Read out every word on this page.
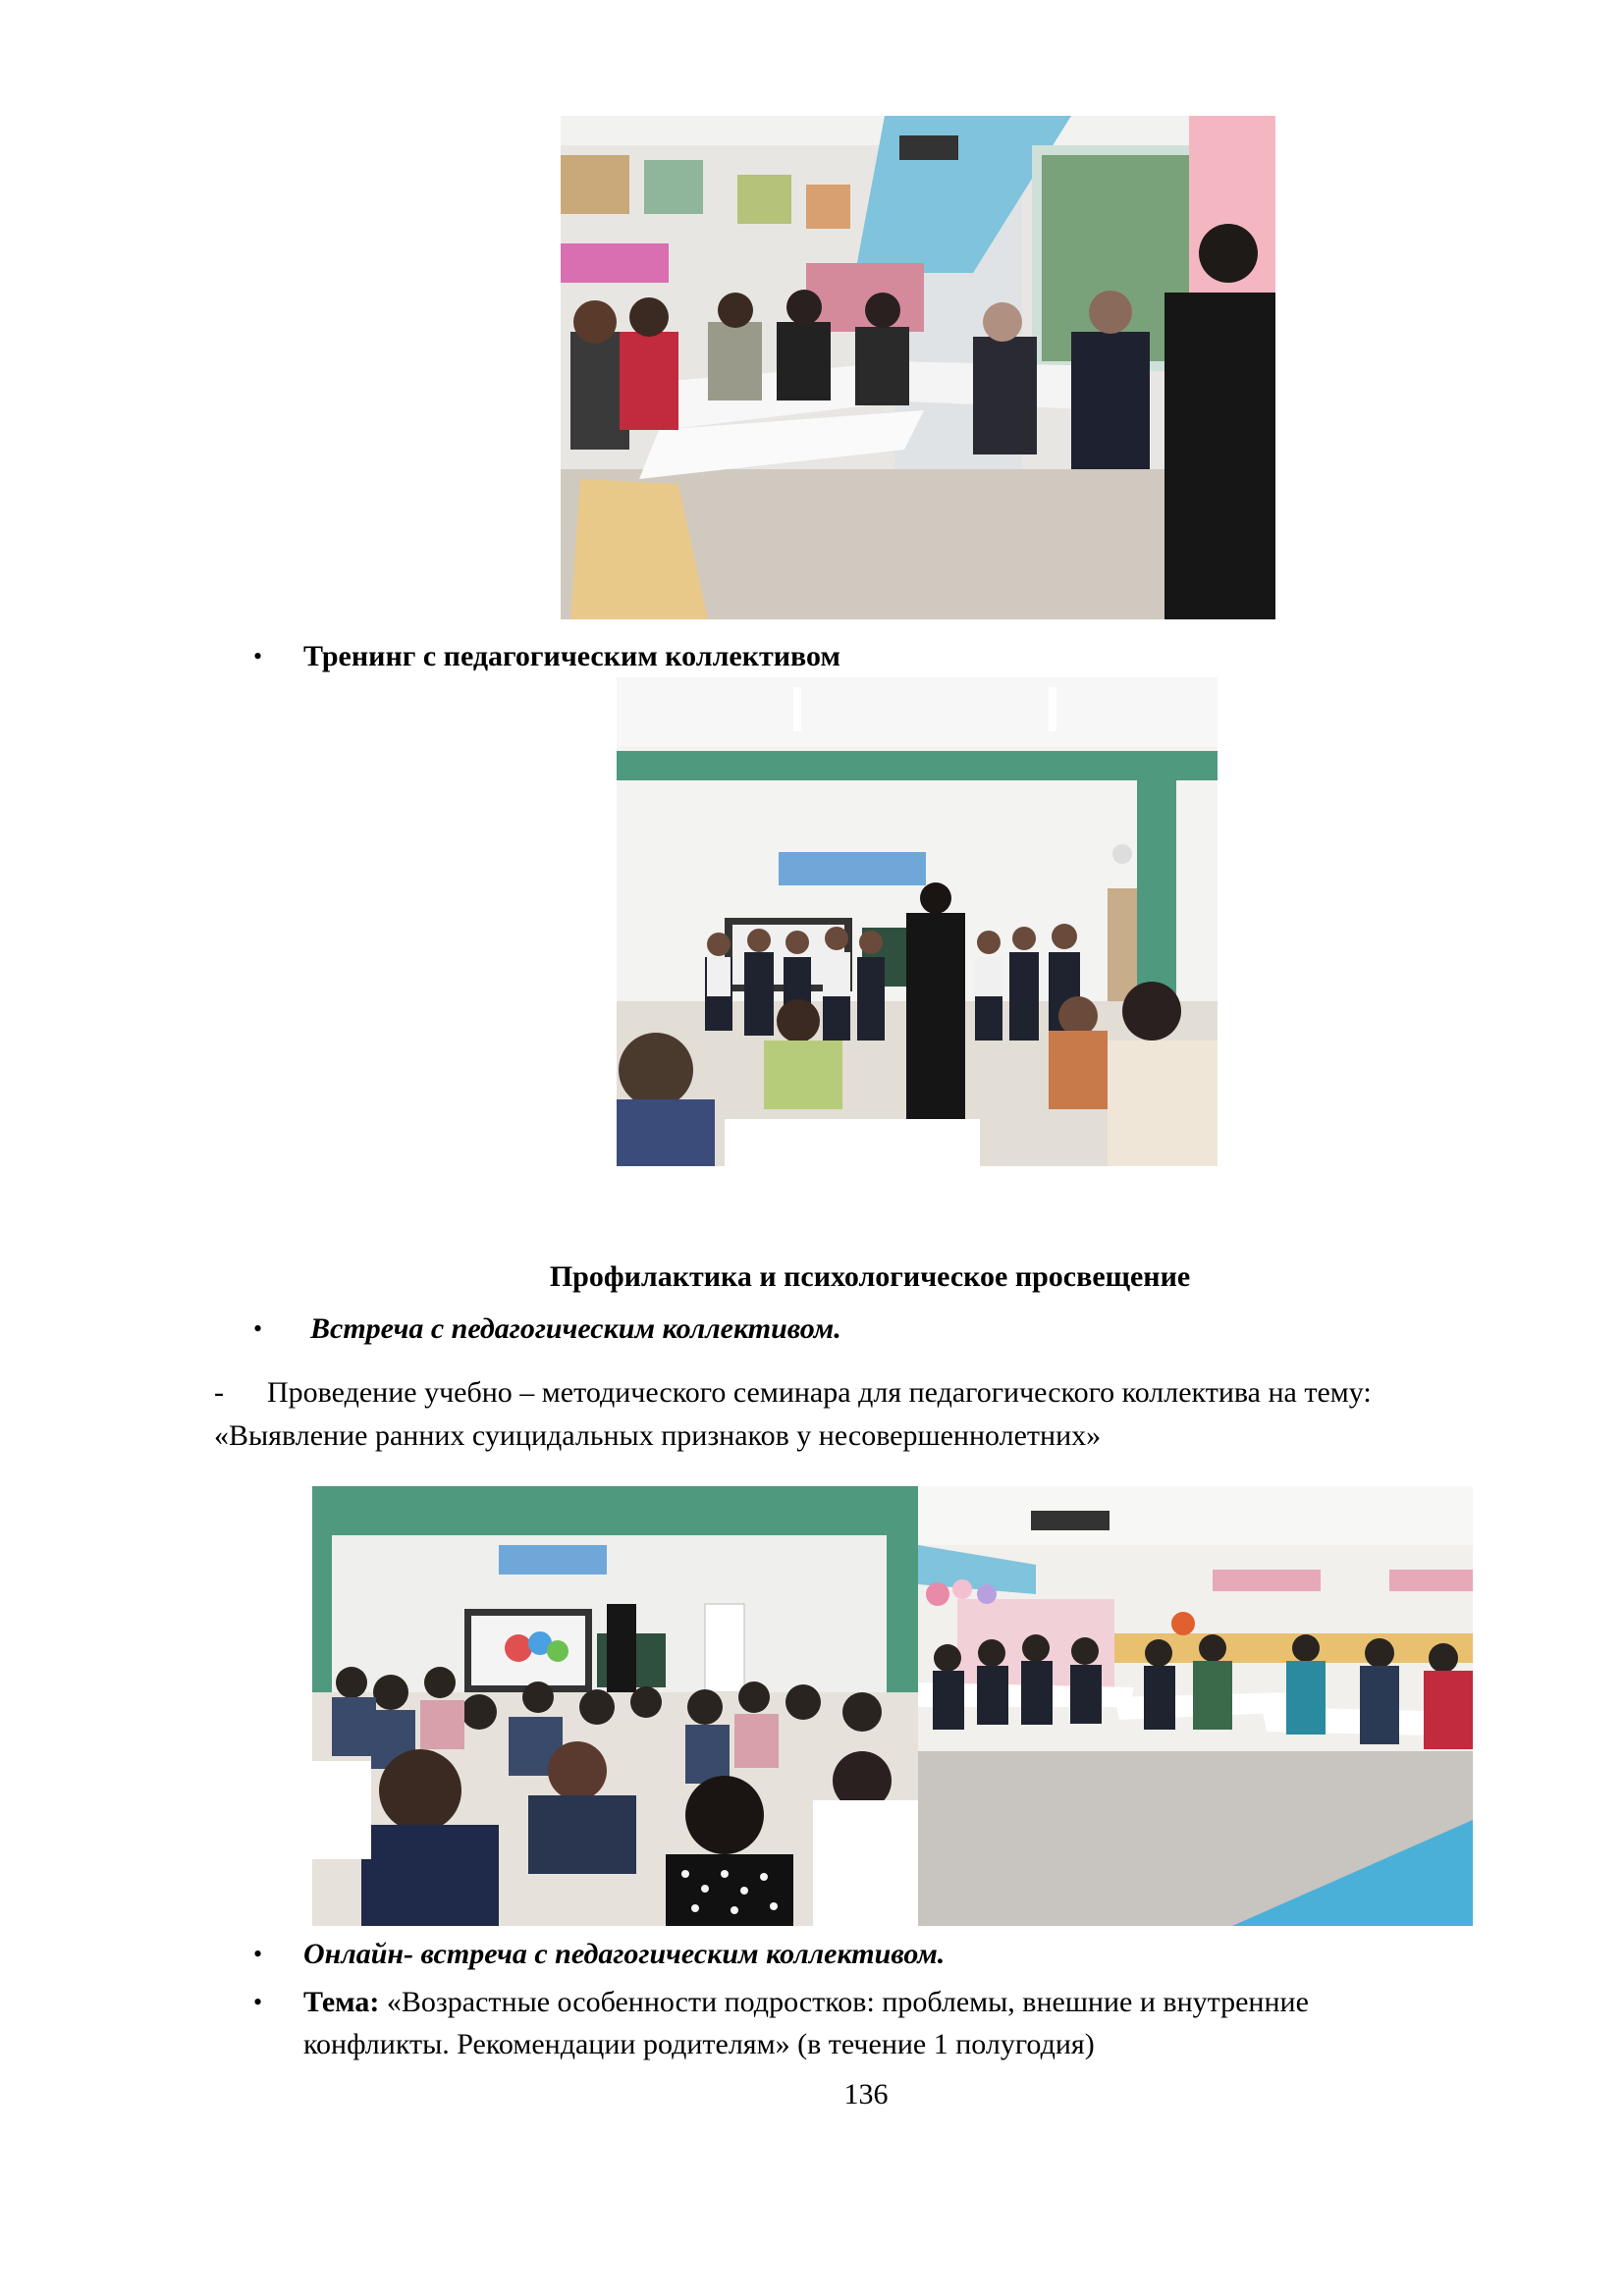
• Тренинг с педагогическим коллективом
Профилактика и психологическое просвещение
• Встреча с педагогическим коллективом.
- Проведение учебно – методического семинара для педагогического коллектива на тему:
«Выявление ранних суицидальных признаков у несовершеннолетних»
• Онлайн- встреча с педагогическим коллективом.
• Тема: «Возрастные особенности подростков: проблемы, внешние и внутренние
конфликты. Рекомендации родителям» (в течение 1 полугодия)
136
